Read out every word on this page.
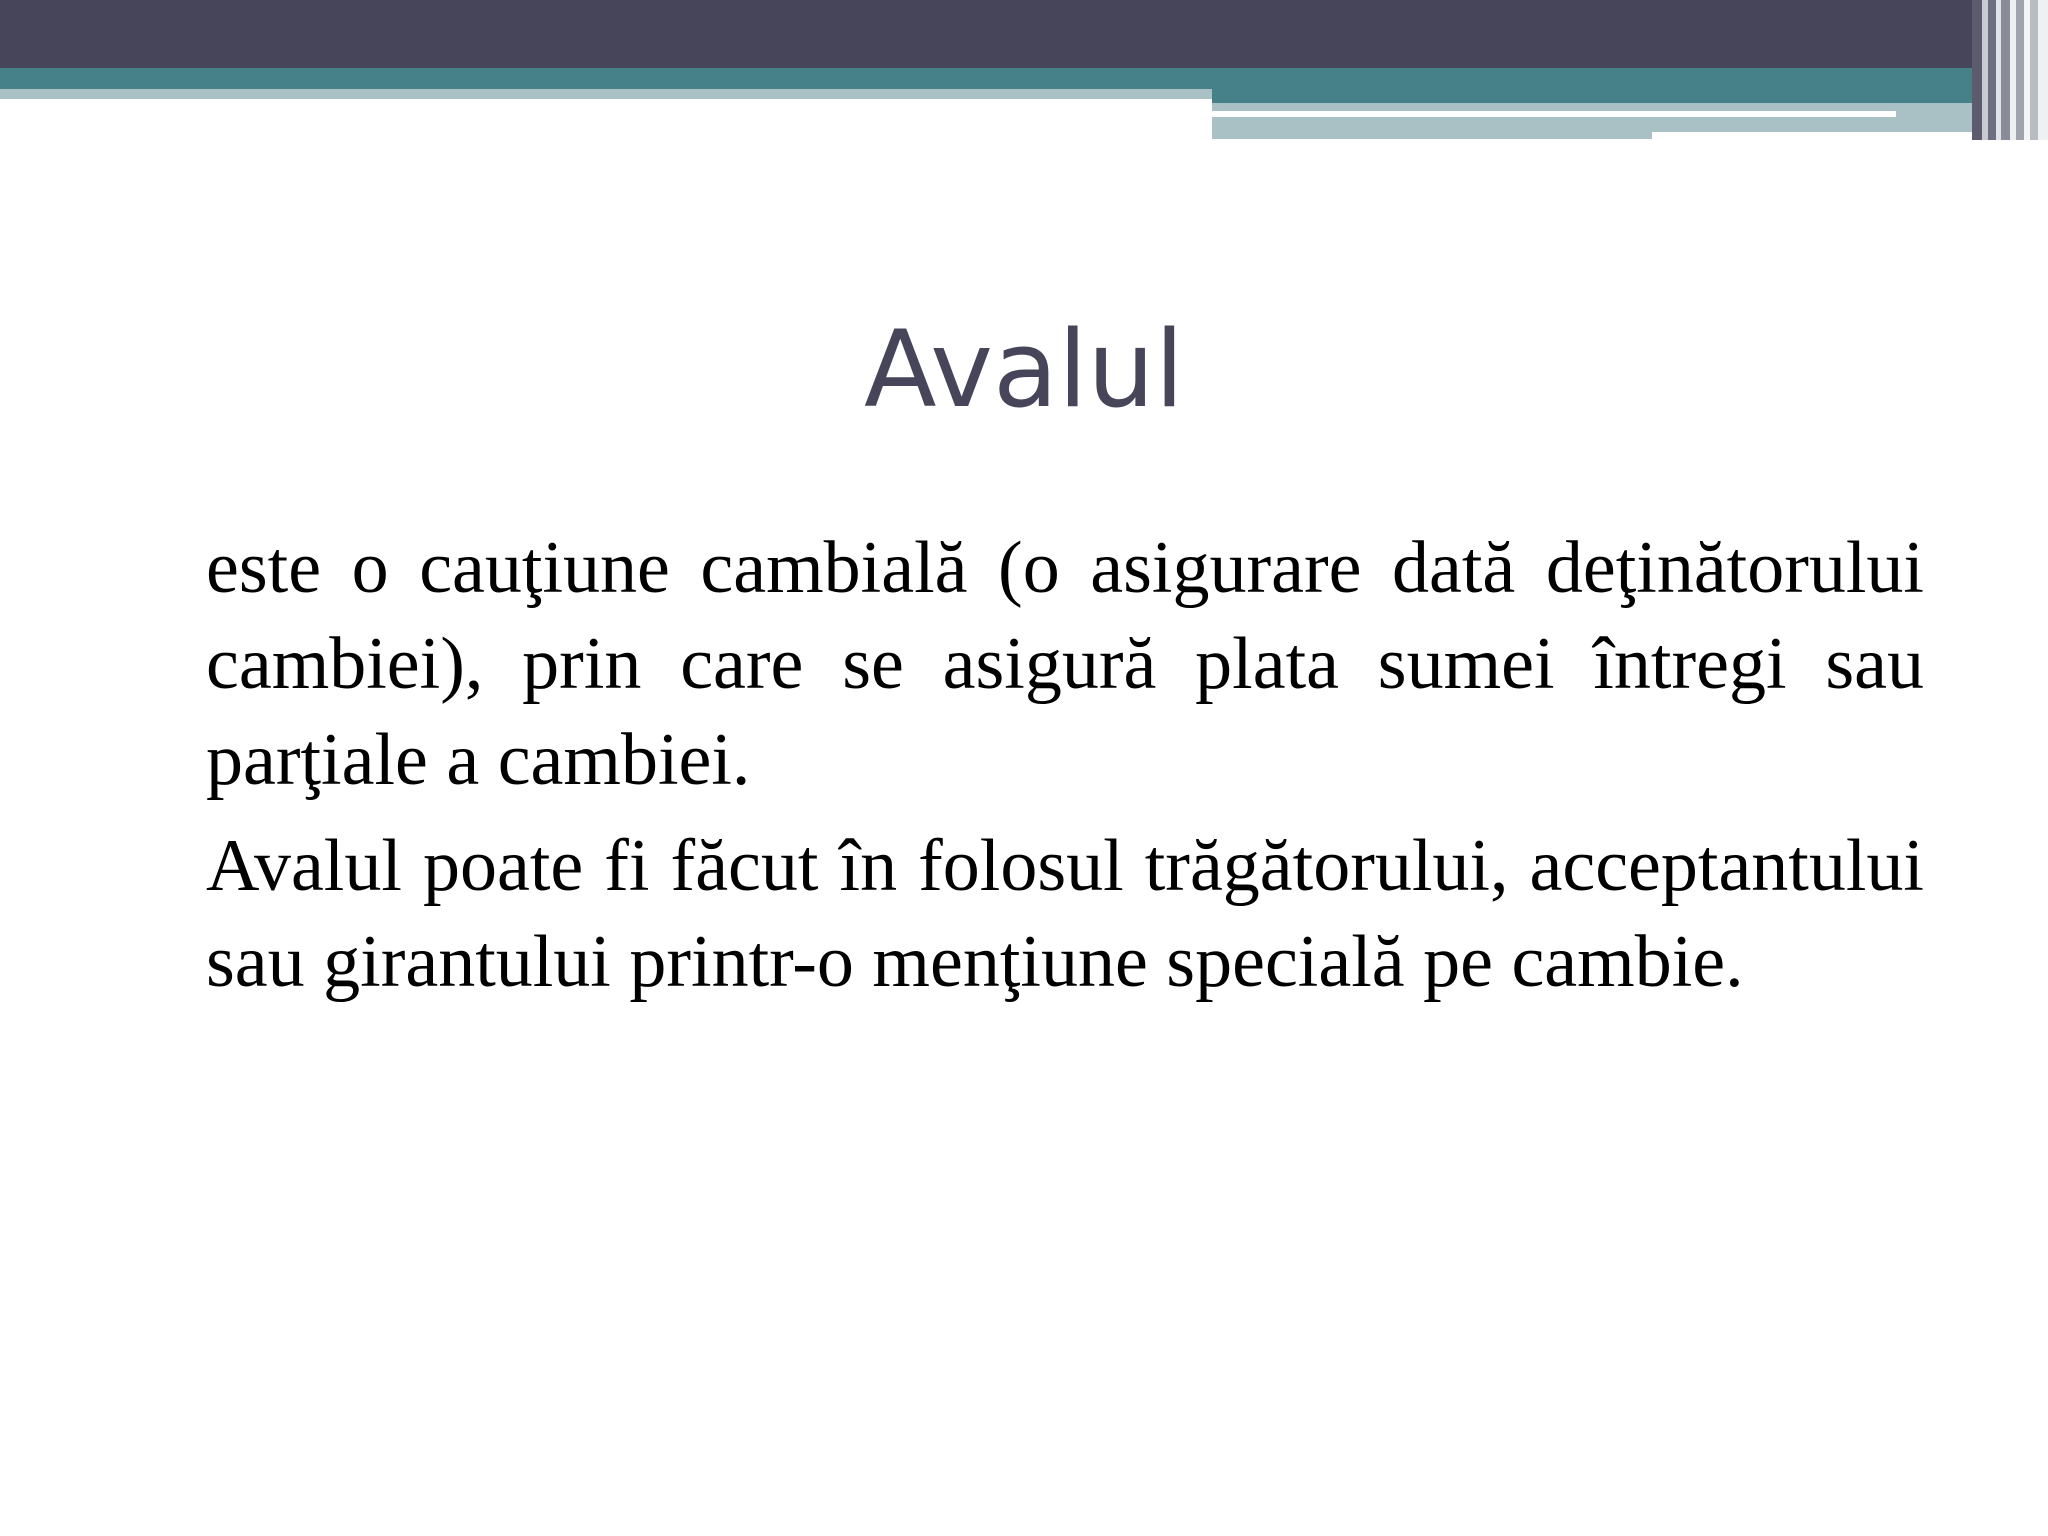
Avalul

este o cauţiune cambială (o asigurare dată deţinătorului cambiei), prin care se asigură plata sumei întregi sau parţiale a cambiei.

Avalul poate fi făcut în folosul trăgătorului, acceptantului sau girantului printr-o menţiune specială pe cambie.
